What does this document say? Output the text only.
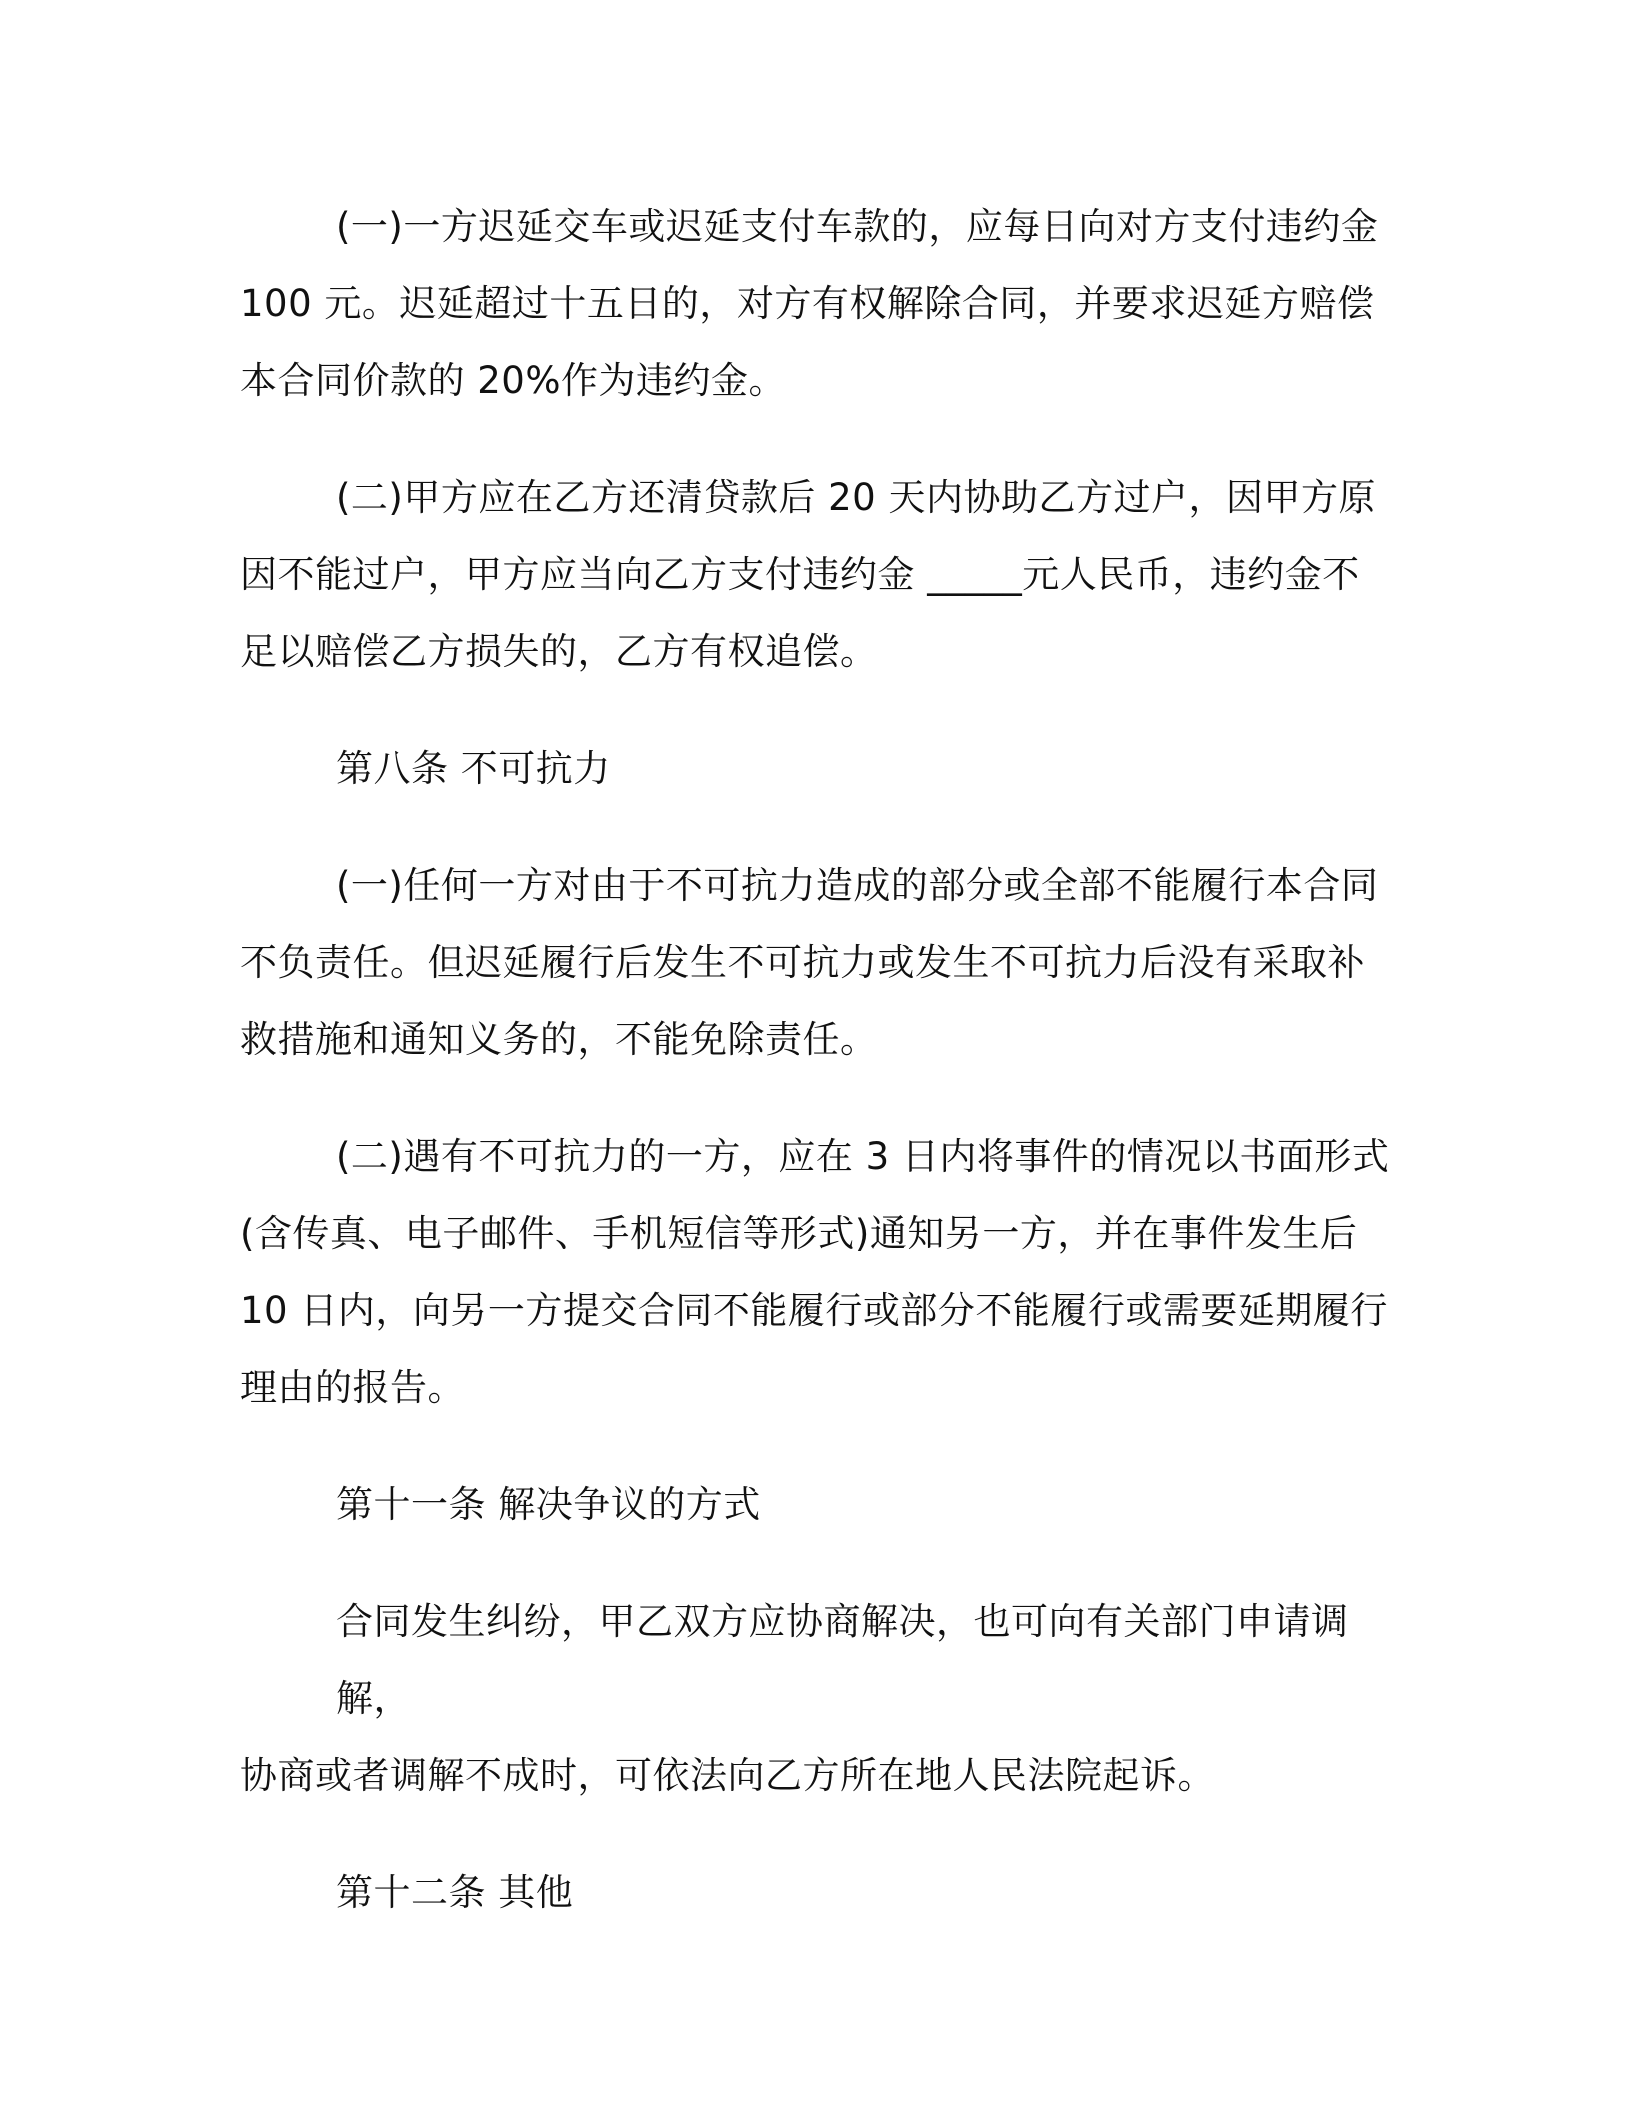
(一)一方迟延交车或迟延支付车款的，应每日向对方支付违约金
100 元。迟延超过十五日的，对方有权解除合同，并要求迟延方赔偿
本合同价款的 20%作为违约金。
(二)甲方应在乙方还清贷款后 20 天内协助乙方过户，因甲方原
因不能过户，甲方应当向乙方支付违约金 _____元人民币，违约金不
足以赔偿乙方损失的，乙方有权追偿。
第八条 不可抗力
(一)任何一方对由于不可抗力造成的部分或全部不能履行本合同
不负责任。但迟延履行后发生不可抗力或发生不可抗力后没有采取补
救措施和通知义务的，不能免除责任。
(二)遇有不可抗力的一方，应在 3 日内将事件的情况以书面形式
(含传真、电子邮件、手机短信等形式)通知另一方，并在事件发生后
10 日内，向另一方提交合同不能履行或部分不能履行或需要延期履行
理由的报告。
第十一条 解决争议的方式
合同发生纠纷，甲乙双方应协商解决，也可向有关部门申请调解，
协商或者调解不成时，可依法向乙方所在地人民法院起诉。
第十二条 其他
